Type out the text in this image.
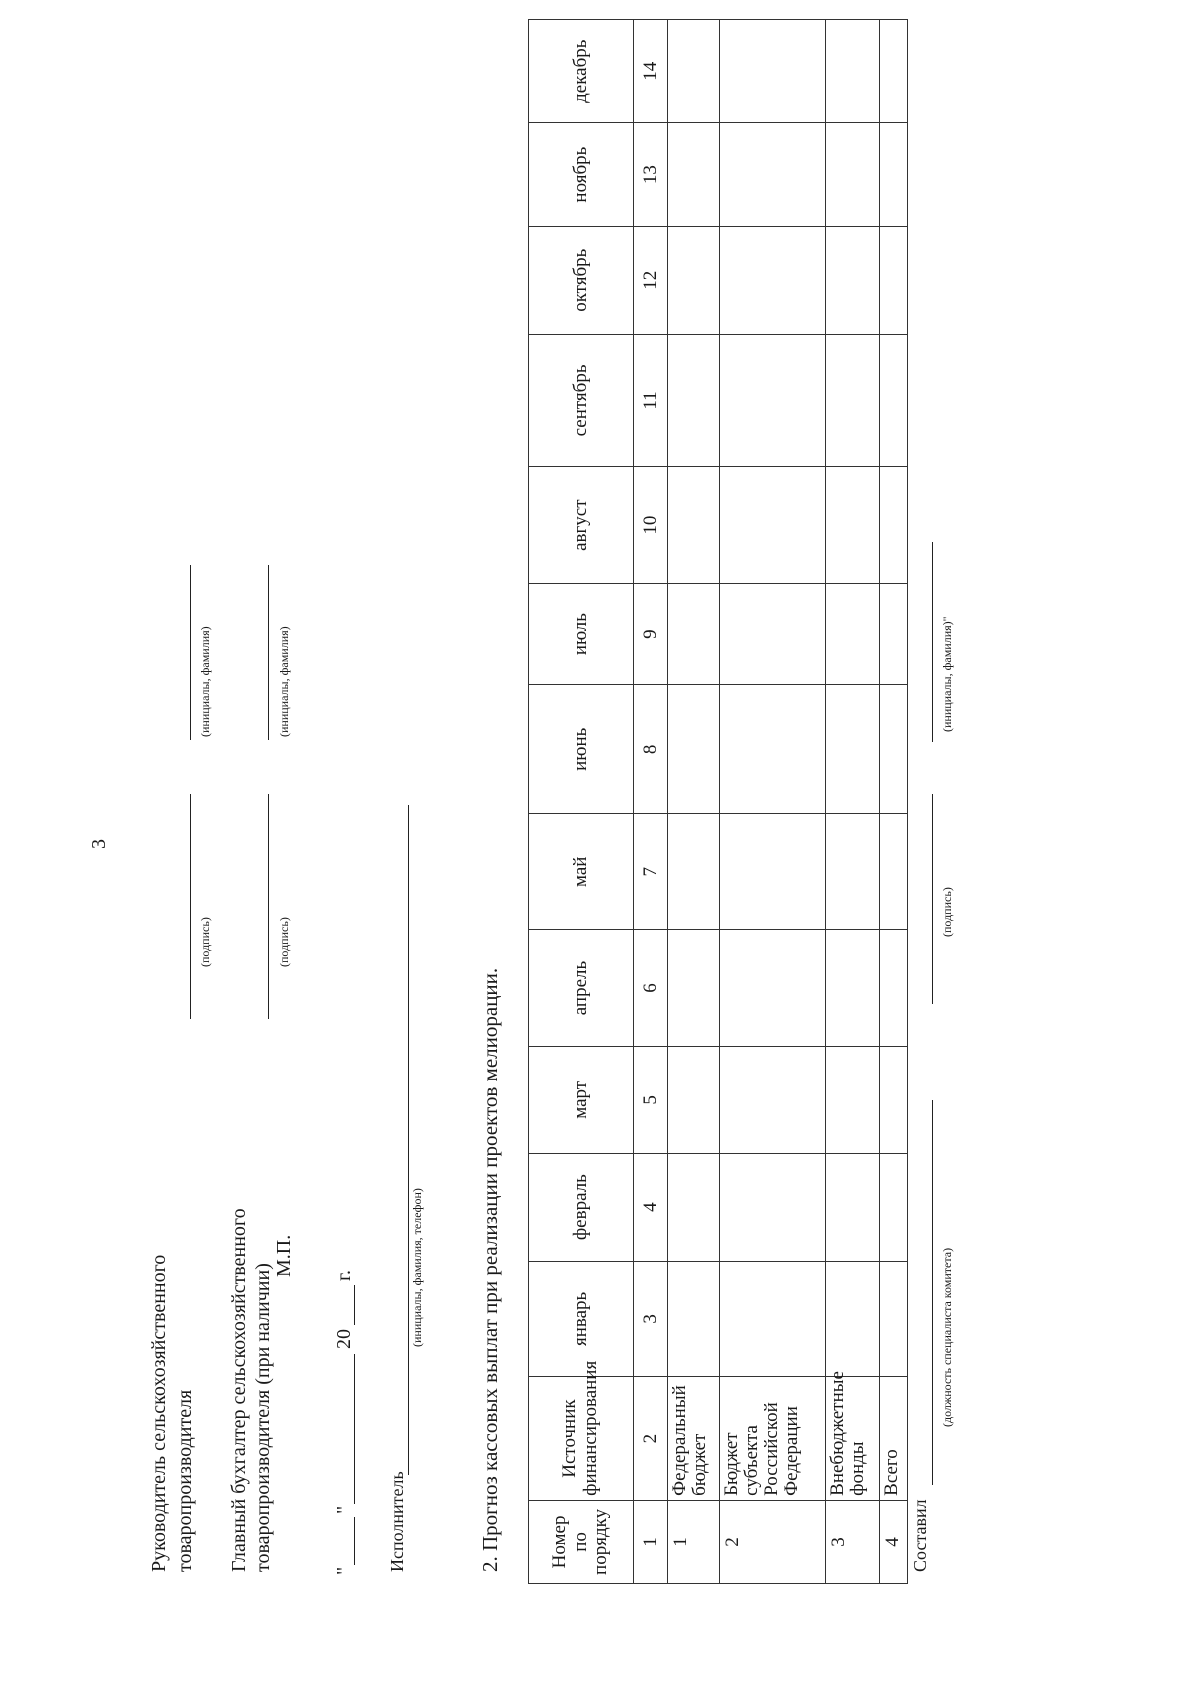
3
Руководитель сельскохозяйственного товаропроизводителя
(подпись)
(инициалы, фамилия)
Главный бухгалтер сельскохозяйственного товаропроизводителя (при наличии)
(подпись)
(инициалы, фамилия)
М.П.
"
"
20
г.
Исполнитель
(инициалы, фамилия, телефон)	2. Прогноз кассовых выплат при реализации проектов мелиорации. Номер по порядку	Источник финансирования	январь	февраль	март	апрель	май	июнь	июль	август	сентябрь	октябрь	ноябрь	декабрь
1	2	3	4	5	6	7	8	9	10	11	12	13	14
1	Федеральный бюджет												
2	Бюджет субъекта Российской Федерации												
3	Внебюджетные фонды												
4	Всего												
Составил
(должность специалиста комитета)
(подпись)
(инициалы, фамилия)"
